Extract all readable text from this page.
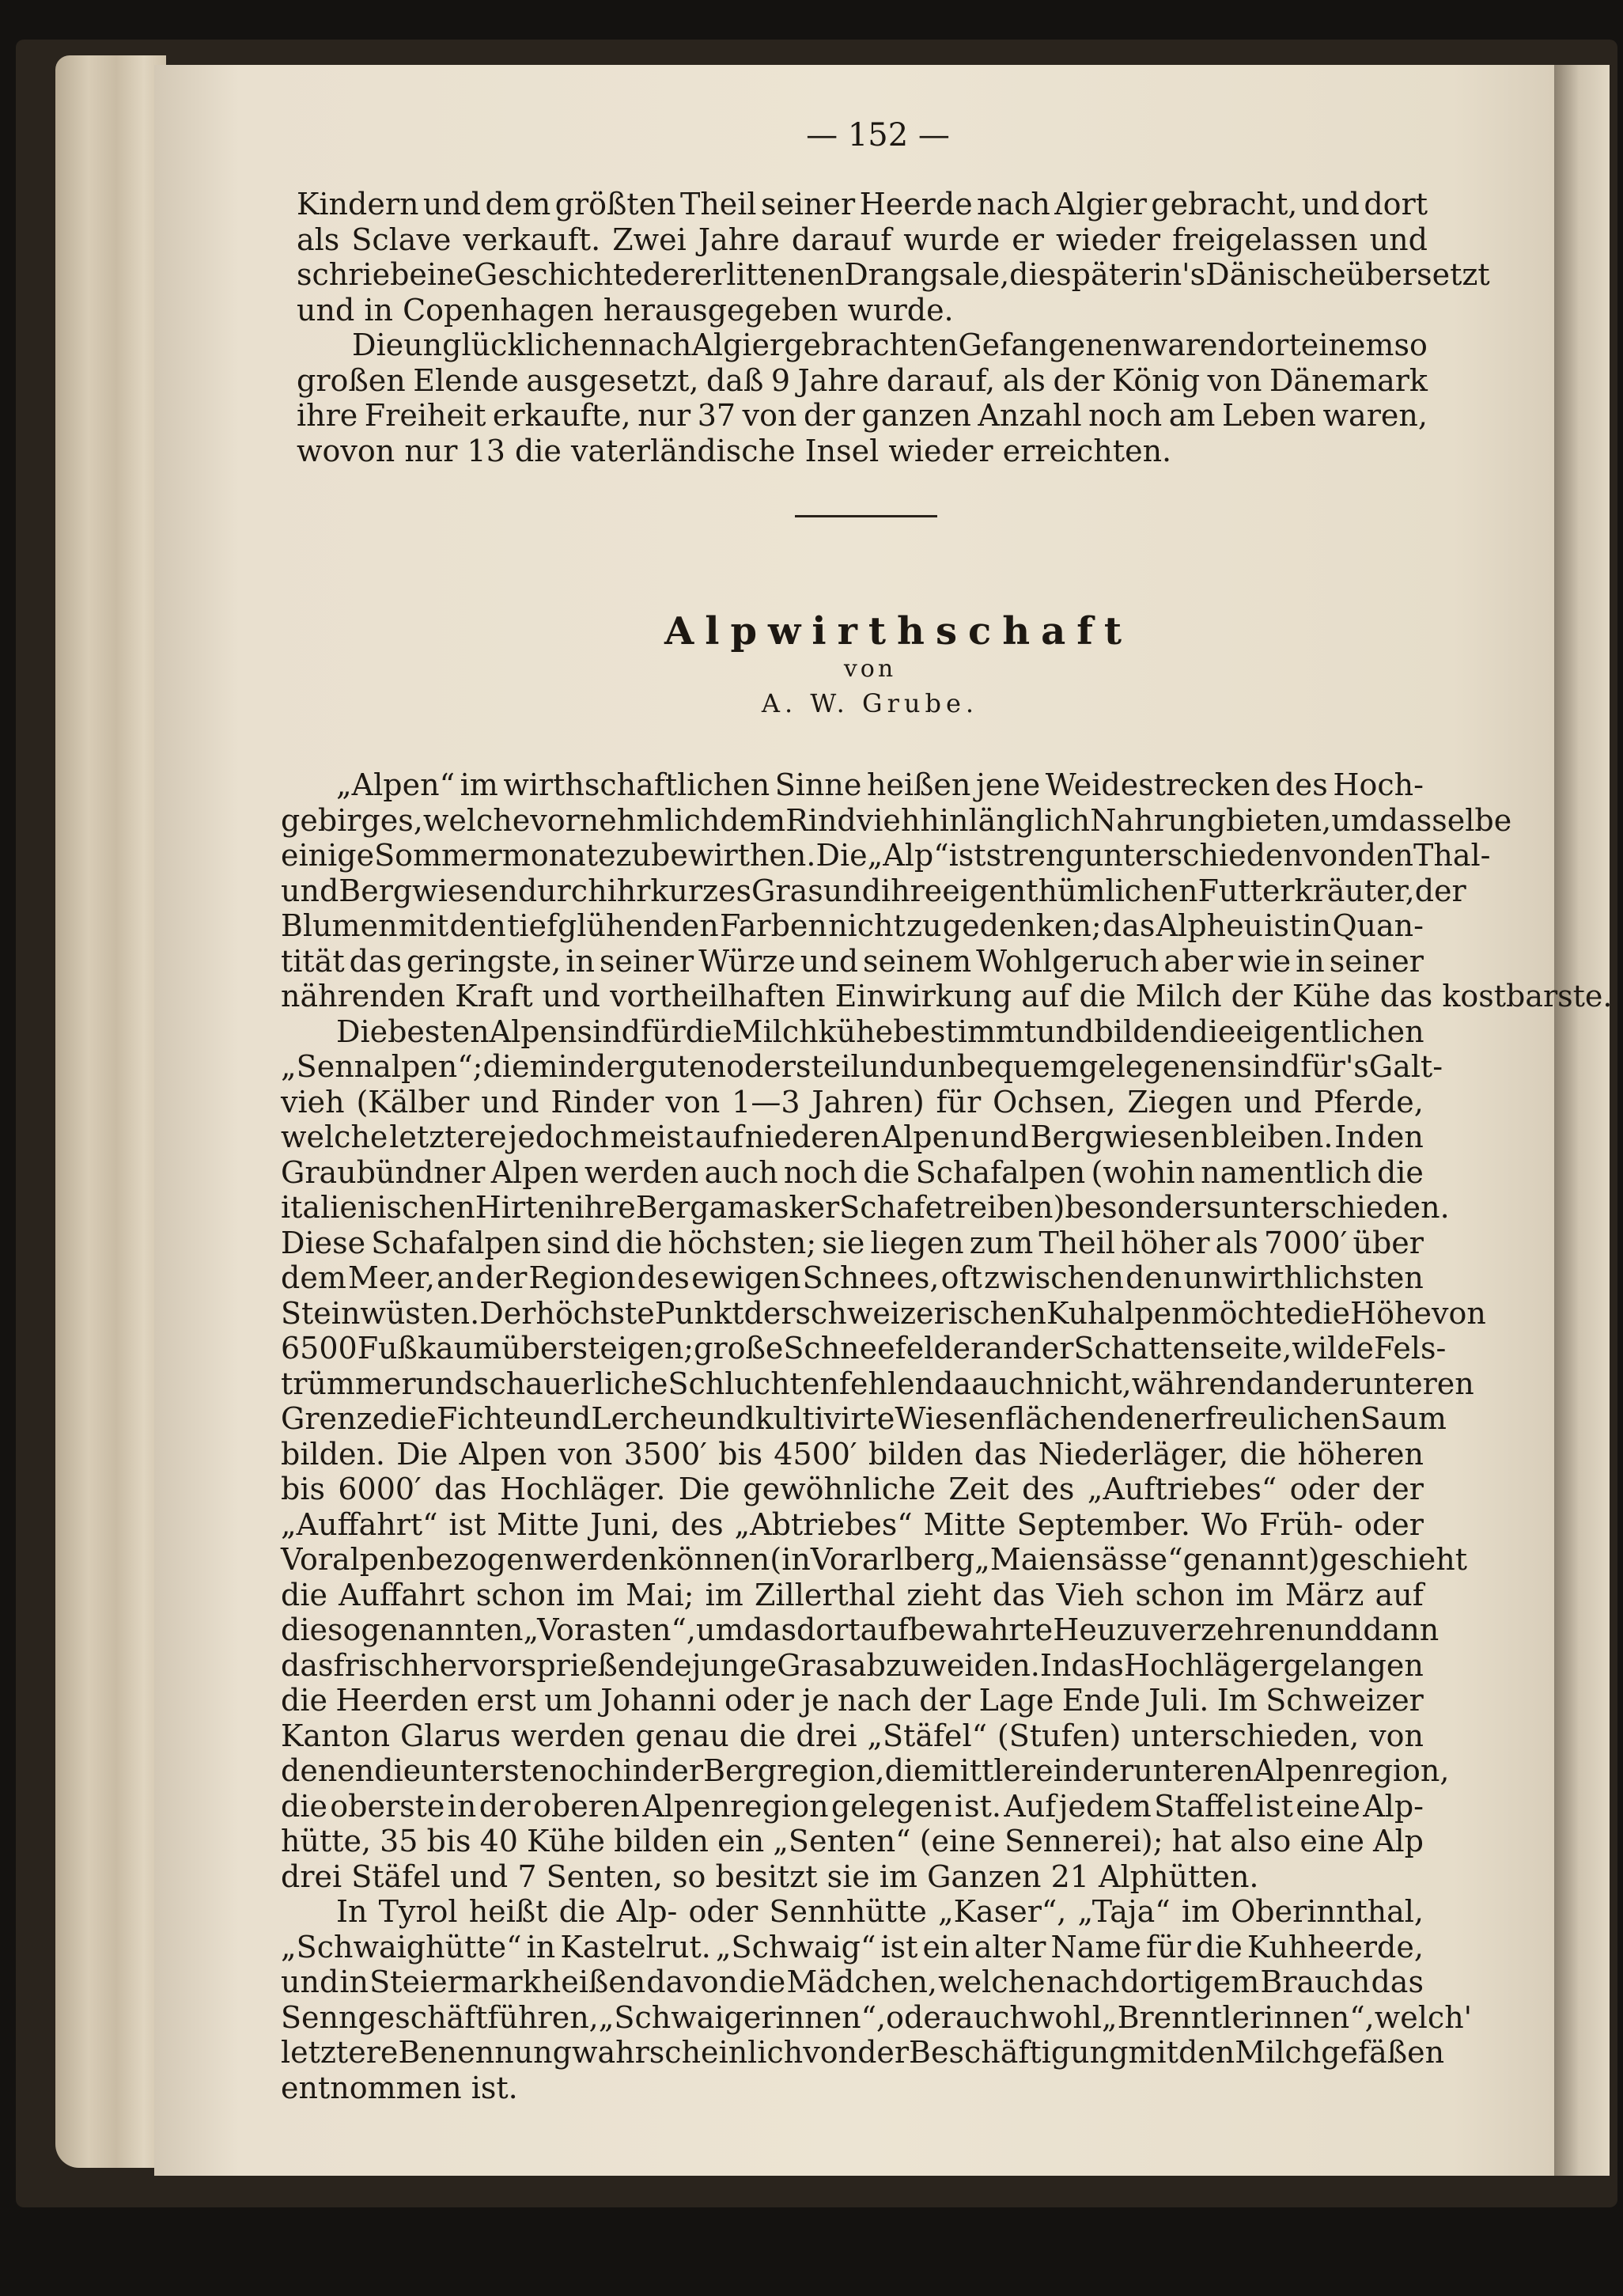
— 152 —
Kindern und dem größten Theil seiner Heerde nach Algier gebracht, und dort
als Sclave verkauft. Zwei Jahre darauf wurde er wieder freigelassen und
schrieb eine Geschichte der erlittenen Drangsale, die später in's Dänische übersetzt
und in Copenhagen herausgegeben wurde.
Die unglücklichen nach Algier gebrachten Gefangenen waren dort einem so
großen Elende ausgesetzt, daß 9 Jahre darauf, als der König von Dänemark
ihre Freiheit erkaufte, nur 37 von der ganzen Anzahl noch am Leben waren,
wovon nur 13 die vaterländische Insel wieder erreichten.
Alpwirthschaft
von
A. W. Grube.
„Alpen“ im wirthschaftlichen Sinne heißen jene Weidestrecken des Hoch-
gebirges, welche vornehmlich dem Rindvieh hinlänglich Nahrung bieten, um dasselbe
einige Sommermonate zu bewirthen. Die „Alp“ ist streng unterschieden von den Thal-
und Bergwiesen durch ihr kurzes Gras und ihre eigenthümlichen Futterkräuter, der
Blumen mit den tiefglühenden Farben nicht zu gedenken; das Alpheu ist in Quan-
tität das geringste, in seiner Würze und seinem Wohlgeruch aber wie in seiner
nährenden Kraft und vortheilhaften Einwirkung auf die Milch der Kühe das kostbarste.
Die besten Alpen sind für die Milchkühe bestimmt und bilden die eigentlichen
„Sennalpen“; die minder guten oder steil und unbequem gelegenen sind für's Galt-
vieh (Kälber und Rinder von 1—3 Jahren) für Ochsen, Ziegen und Pferde,
welche letztere jedoch meist auf niederen Alpen und Bergwiesen bleiben. In den
Graubündner Alpen werden auch noch die Schafalpen (wohin namentlich die
italienischen Hirten ihre Bergamasker Schafe treiben) besonders unterschieden.
Diese Schafalpen sind die höchsten; sie liegen zum Theil höher als 7000′ über
dem Meer, an der Region des ewigen Schnees, oft zwischen den unwirthlichsten
Steinwüsten. Der höchste Punkt der schweizerischen Kuhalpen möchte die Höhe von
6500 Fuß kaum übersteigen; große Schneefelder an der Schattenseite, wilde Fels-
trümmer und schauerliche Schluchten fehlen da auch nicht, während an der unteren
Grenze die Fichte und Lerche und kultivirte Wiesenflächen den erfreulichen Saum
bilden. Die Alpen von 3500′ bis 4500′ bilden das Niederläger, die höheren
bis 6000′ das Hochläger. Die gewöhnliche Zeit des „Auftriebes“ oder der
„Auffahrt“ ist Mitte Juni, des „Abtriebes“ Mitte September. Wo Früh- oder
Voralpen bezogen werden können (in Vorarlberg „Maiensässe“ genannt) geschieht
die Auffahrt schon im Mai; im Zillerthal zieht das Vieh schon im März auf
die sogenannten „Vorasten“, um das dort aufbewahrte Heu zu verzehren und dann
das frisch hervorsprießende junge Gras abzuweiden. In das Hochläger gelangen
die Heerden erst um Johanni oder je nach der Lage Ende Juli. Im Schweizer
Kanton Glarus werden genau die drei „Stäfel“ (Stufen) unterschieden, von
denen die unterste noch in der Bergregion, die mittlere in der unteren Alpenregion,
die oberste in der oberen Alpenregion gelegen ist. Auf jedem Staffel ist eine Alp-
hütte, 35 bis 40 Kühe bilden ein „Senten“ (eine Sennerei); hat also eine Alp
drei Stäfel und 7 Senten, so besitzt sie im Ganzen 21 Alphütten.
In Tyrol heißt die Alp- oder Sennhütte „Kaser“, „Taja“ im Oberinnthal,
„Schwaighütte“ in Kastelrut. „Schwaig“ ist ein alter Name für die Kuhheerde,
und in Steiermark heißen davon die Mädchen, welche nach dortigem Brauch das
Senngeschäft führen, „Schwaigerinnen“, oder auch wohl „Brenntlerinnen“, welch'
letztere Benennung wahrscheinlich von der Beschäftigung mit den Milchgefäßen
entnommen ist.
